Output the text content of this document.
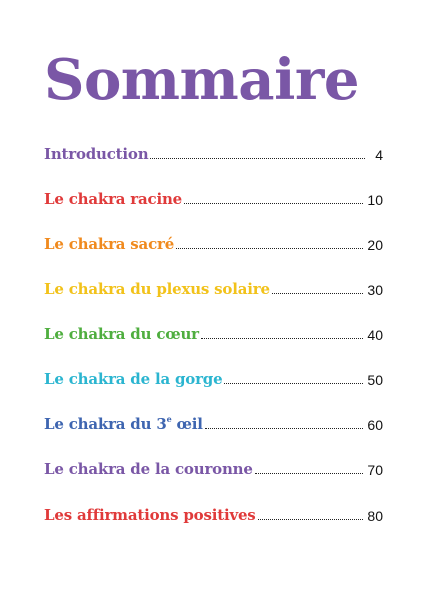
Sommaire
Introduction	4
Le chakra racine	10
Le chakra sacré	20
Le chakra du plexus solaire	30
Le chakra du cœur	40
Le chakra de la gorge	50
Le chakra du 3e œil	60
Le chakra de la couronne	70
Les affirmations positives	80
